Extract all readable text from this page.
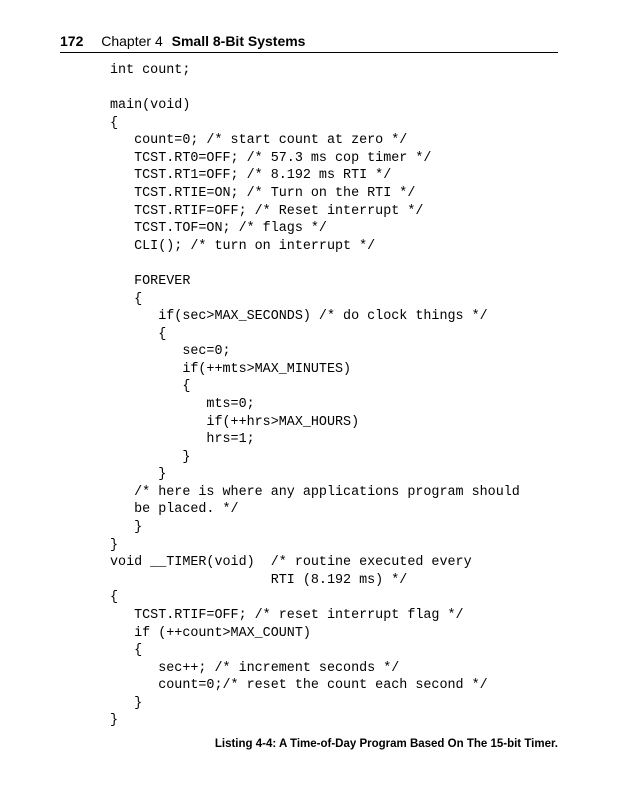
172 Chapter 4 Small 8-Bit Systems
int count;
main(void)
{
count=0; /* start count at zero */
TCST.RT0=OFF; /* 57.3 ms cop timer */
TCST.RT1=OFF; /* 8.192 ms RTI */
TCST.RTIE=ON; /* Turn on the RTI */
TCST.RTIF=OFF; /* Reset interrupt */
TCST.TOF=ON; /* flags */
CLI(); /* turn on interrupt */
FOREVER
{
if(sec>MAX_SECONDS) /* do clock things */
{
sec=0;
if(++mts>MAX_MINUTES)
{
mts=0;
if(++hrs>MAX_HOURS)
hrs=1;
}
}
/* here is where any applications program should
be placed. */
}
}
void __TIMER(void)  /* routine executed every
RTI (8.192 ms) */
{
TCST.RTIF=OFF; /* reset interrupt flag */
if (++count>MAX_COUNT)
{
sec++; /* increment seconds */
count=0;/* reset the count each second */
}
}
Listing 4-4: A Time-of-Day Program Based On The 15-bit Timer.
